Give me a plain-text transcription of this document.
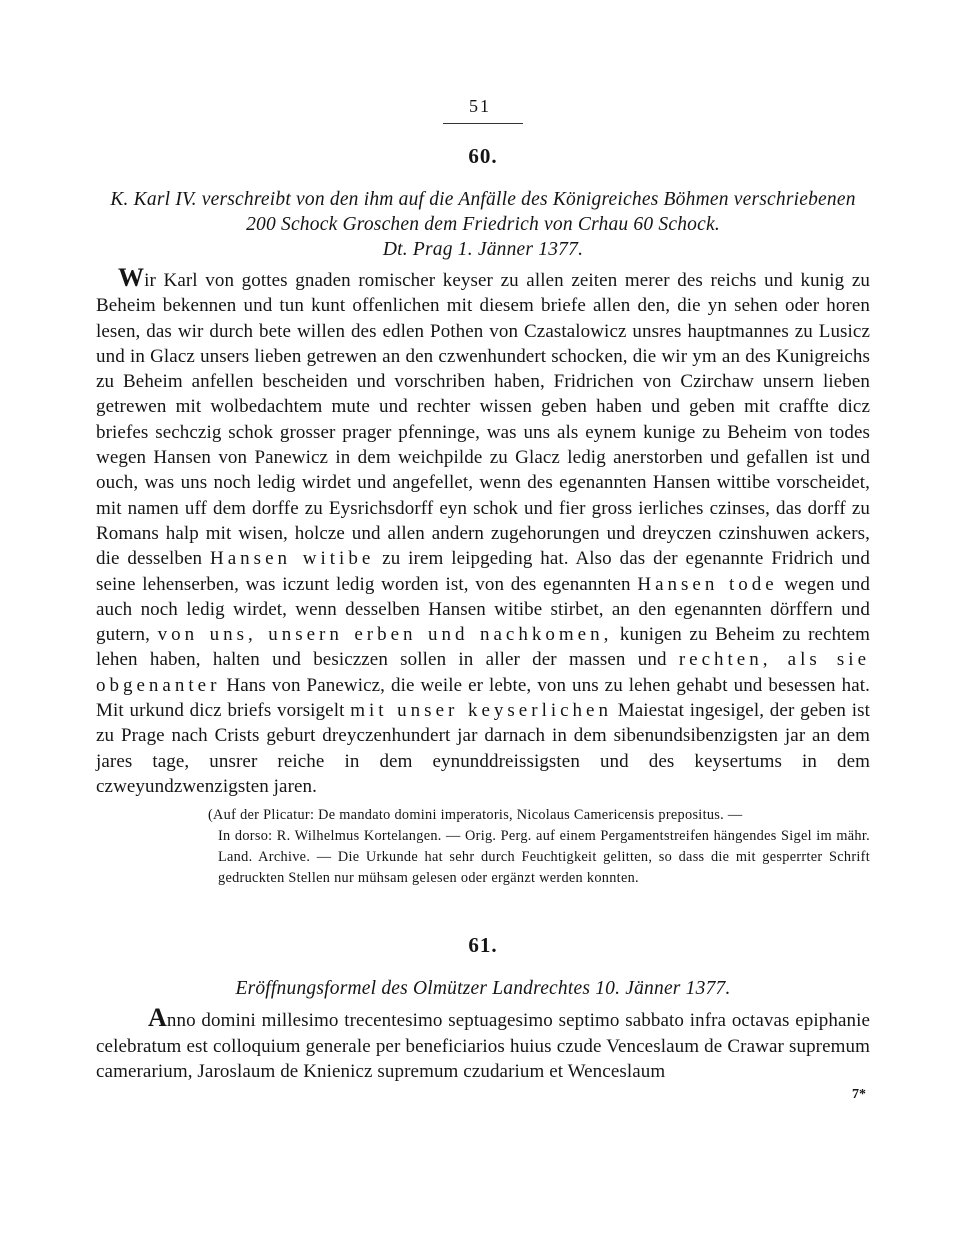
51
60.
K. Karl IV. verschreibt von den ihm auf die Anfälle des Königreiches Böhmen verschriebenen 200 Schock Groschen dem Friedrich von Crhau 60 Schock.
Dt. Prag 1. Jänner 1377.

Wir Karl von gottes gnaden romischer keyser zu allen zeiten merer des reichs und kunig zu Beheim bekennen und tun kunt offenlichen mit diesem briefe allen den, die yn sehen oder horen lesen, das wir durch bete willen des edlen Pothen von Czastalowicz unsres hauptmannes zu Lusicz und in Glacz unsers lieben getrewen an den czwenhundert schocken, die wir ym an des Kunigreichs zu Beheim anfellen bescheiden und vorschriben haben, Fridrichen von Czirchaw unsern lieben getrewen mit wolbedachtem mute und rechter wissen geben haben und geben mit craffte dicz briefes sechczig schok grosser prager pfenninge, was uns als eynem kunige zu Beheim von todes wegen Hansen von Panewicz in dem weichpilde zu Glacz ledig anerstorben und gefallen ist und ouch, was uns noch ledig wirdet und angefellet, wenn des egenannten Hansen wittibe vorscheidet, mit namen uff dem dorffe zu Eysrichsdorff eyn schok und fier gross ierliches czinses, das dorff zu Romans halp mit wisen, holcze und allen andern zugehorungen und dreyczen czinshuwen ackers, die desselben Hansen witibe zu irem leipgeding hat. Also das der egenannte Fridrich und seine lehenserben, was iczunt ledig worden ist, von des egenannten Hansen tode wegen und auch noch ledig wirdet, wenn desselben Hansen witibe stirbet, an den egenannten dörffern und gutern, von uns, unsern erben und nachkomen, kunigen zu Beheim zu rechtem lehen haben, halten und besiczzen sollen in aller der massen und rechten, als sie obgenanter Hans von Panewicz, die weile er lebte, von uns zu lehen gehabt und besessen hat. Mit urkund dicz briefs vorsigelt mit unser keyserlichen Maiestat ingesigel, der geben ist zu Prage nach Crists geburt dreyczenhundert jar darnach in dem sibenundsibenzigsten jar an dem jares tage, unsrer reiche in dem eynunddreissigsten und des keysertums in dem czweyundzwenzigsten jaren.

(Auf der Plicatur: De mandato domini imperatoris, Nicolaus Camericensis prepositus. —
In dorso: R. Wilhelmus Kortelangen. — Orig. Perg. auf einem Pergamentstreifen hängendes Sigel im mähr. Land. Archive. — Die Urkunde hat sehr durch Feuchtigkeit gelitten, so dass die mit gesperrter Schrift gedruckten Stellen nur mühsam gelesen oder ergänzt werden konnten.
61.
Eröffnungsformel des Olmützer Landrechtes 10. Jänner 1377.

Anno domini millesimo trecentesimo septuagesimo septimo sabbato infra octavas epiphanie celebratum est colloquium generale per beneficiarios huius czude Venceslaum de Crawar supremum camerarium, Jaroslaum de Knienicz supremum czudarium et Wenceslaum

7*
